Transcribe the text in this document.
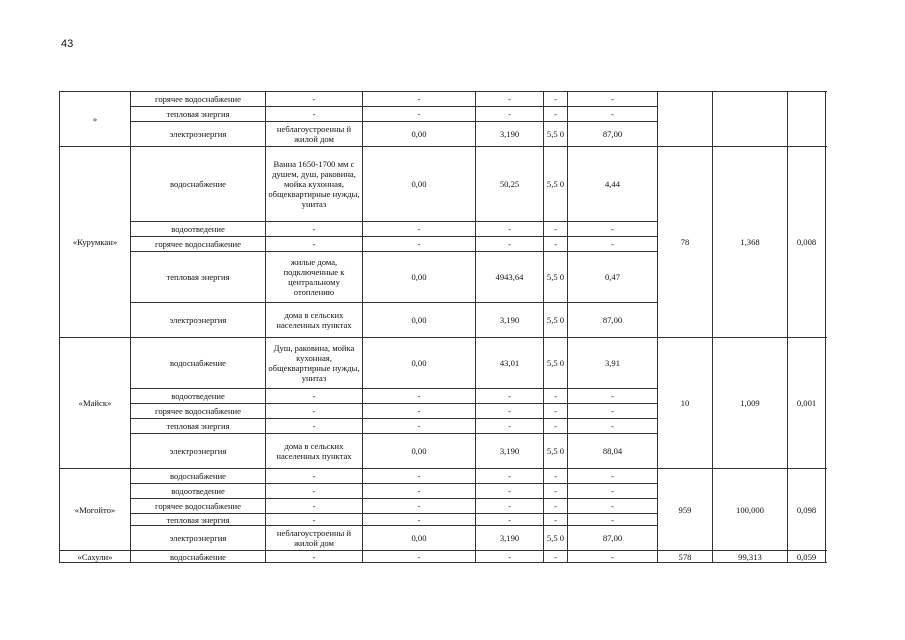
43
»	горячее водоснабжение	-	-	-	-	-			
	тепловая энергия	-	-	-	-	-			
	электроэнергия	неблагоустроенны й жилой дом	0,00	3,190	5,5 0	87,00			
«Курумкан»	водоснабжение	Ванна 1650-1700 мм с душем, душ, раковина, мойка кухонная, общеквартирные нужды, унитаз	0,00	50,25	5,5 0	4,44	78	1,368	0,008
	водоотведение	-	-	-	-	-			
	горячее водоснабжение	-	-	-	-	-			
	тепловая энергия	жилые дома, подключенные к центральному отоплению	0,00	4943,64	5,5 0	0,47			
	электроэнергия	дома в сельских населенных пунктах	0,00	3,190	5,5 0	87,00			
«Майск»	водоснабжение	Душ, раковина, мойка кухонная, общеквартирные нужды, унитаз	0,00	43,01	5,5 0	3,91	10	1,009	0,001
	водоотведение	-	-	-	-	-			
	горячее водоснабжение	-	-	-	-	-			
	тепловая энергия	-	-	-	-	-			
	электроэнергия	дома в сельских населенных пунктах	0,00	3,190	5,5 0	88,04			
«Могойто»	водоснабжение	-	-	-	-	-	959	100,000	0,098
	водоотведение	-	-	-	-	-			
	горячее водоснабжение	-	-	-	-	-			
	тепловая энергия	-	-	-	-	-			
	электроэнергия	неблагоустроенны й жилой дом	0,00	3,190	5,5 0	87,00			
«Сахули»	водоснабжение	-	-	-	-	-	578	99,313	0,059
